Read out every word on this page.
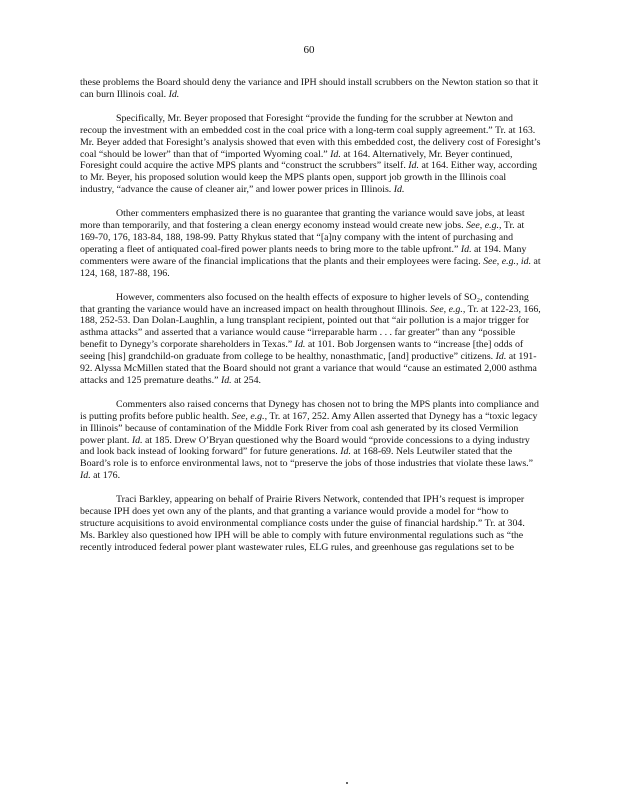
60

these problems the Board should deny the variance and IPH should install scrubbers on the Newton station so that it can burn Illinois coal. Id.

Specifically, Mr. Beyer proposed that Foresight “provide the funding for the scrubber at Newton and recoup the investment with an embedded cost in the coal price with a long-term coal supply agreement.” Tr. at 163. Mr. Beyer added that Foresight’s analysis showed that even with this embedded cost, the delivery cost of Foresight’s coal “should be lower” than that of “imported Wyoming coal.” Id. at 164. Alternatively, Mr. Beyer continued, Foresight could acquire the active MPS plants and “construct the scrubbers” itself. Id. at 164. Either way, according to Mr. Beyer, his proposed solution would keep the MPS plants open, support job growth in the Illinois coal industry, “advance the cause of cleaner air,” and lower power prices in Illinois. Id.

Other commenters emphasized there is no guarantee that granting the variance would save jobs, at least more than temporarily, and that fostering a clean energy economy instead would create new jobs. See, e.g., Tr. at 169-70, 176, 183-84, 188, 198-99. Patty Rhykus stated that “[a]ny company with the intent of purchasing and operating a fleet of antiquated coal-fired power plants needs to bring more to the table upfront.” Id. at 194. Many commenters were aware of the financial implications that the plants and their employees were facing. See, e.g., id. at 124, 168, 187-88, 196.

However, commenters also focused on the health effects of exposure to higher levels of SO₂, contending that granting the variance would have an increased impact on health throughout Illinois. See, e.g., Tr. at 122-23, 166, 188, 252-53. Dan Dolan-Laughlin, a lung transplant recipient, pointed out that “air pollution is a major trigger for asthma attacks” and asserted that a variance would cause “irreparable harm . . . far greater” than any “possible benefit to Dynegy’s corporate shareholders in Texas.” Id. at 101. Bob Jorgensen wants to “increase [the] odds of seeing [his] grandchild-on graduate from college to be healthy, nonasthmatic, [and] productive” citizens. Id. at 191-92. Alyssa McMillen stated that the Board should not grant a variance that would “cause an estimated 2,000 asthma attacks and 125 premature deaths.” Id. at 254.

Commenters also raised concerns that Dynegy has chosen not to bring the MPS plants into compliance and is putting profits before public health. See, e.g., Tr. at 167, 252. Amy Allen asserted that Dynegy has a “toxic legacy in Illinois” because of contamination of the Middle Fork River from coal ash generated by its closed Vermilion power plant. Id. at 185. Drew O’Bryan questioned why the Board would “provide concessions to a dying industry and look back instead of looking forward” for future generations. Id. at 168-69. Nels Leutwiler stated that the Board’s role is to enforce environmental laws, not to “preserve the jobs of those industries that violate these laws.” Id. at 176.

Traci Barkley, appearing on behalf of Prairie Rivers Network, contended that IPH’s request is improper because IPH does yet own any of the plants, and that granting a variance would provide a model for “how to structure acquisitions to avoid environmental compliance costs under the guise of financial hardship.” Tr. at 304. Ms. Barkley also questioned how IPH will be able to comply with future environmental regulations such as “the recently introduced federal power plant wastewater rules, ELG rules, and greenhouse gas regulations set to be
